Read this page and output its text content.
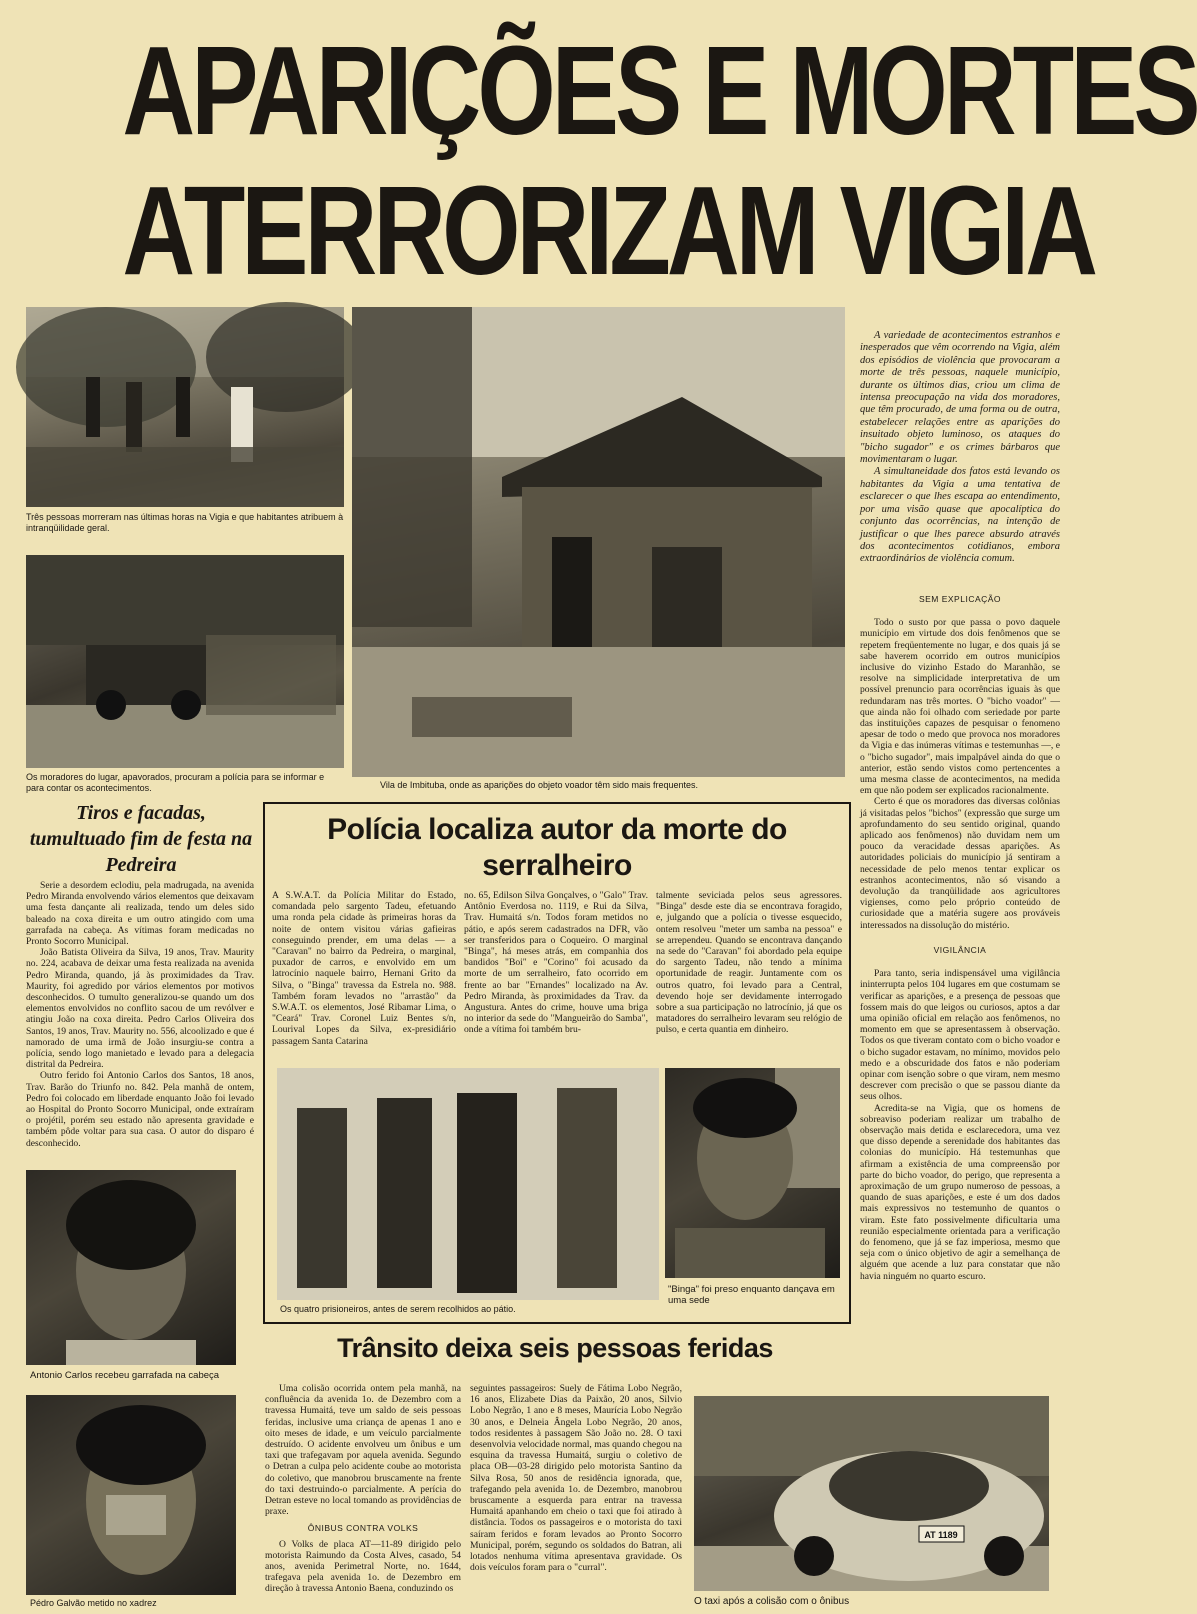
APARIÇÕES E MORTES
ATERRORIZAM VIGIA
Três pessoas morreram nas últimas horas na Vigia e que habitantes atribuem à intranqüilidade geral.
Os moradores do lugar, apavorados, procuram a polícia para se informar e para contar os acontecimentos.	Vila de Imbituba, onde as aparições do objeto voador têm sido mais frequentes.

A variedade de acontecimentos estranhos e inesperados que vêm ocorrendo na Vigia, além dos episódios de violência que provocaram a morte de três pessoas, naquele município, durante os últimos dias, criou um clima de intensa preocupação na vida dos moradores, que têm procurado, de uma forma ou de outra, estabelecer relações entre as aparições do insuitado objeto luminoso, os ataques do "bicho sugador" e os crimes bárbaros que movimentaram o lugar.

A simultaneidade dos fatos está levando os habitantes da Vigia a uma tentativa de esclarecer o que lhes escapa ao entendimento, por uma visão quase que apocalíptica do conjunto das ocorrências, na intenção de justificar o que lhes parece absurdo através dos acontecimentos cotidianos, embora extraordinários de violência comum.

SEM EXPLICAÇÃO

Todo o susto por que passa o povo daquele município em virtude dos dois fenômenos que se repetem freqüentemente no lugar, e dos quais já se sabe haverem ocorrido em outros municípios inclusive do vizinho Estado do Maranhão, se resolve na simplicidade interpretativa de um possível prenuncio para ocorrências iguais às que redundaram nas três mortes. O "bicho voador" — que ainda não foi olhado com seriedade por parte das instituições capazes de pesquisar o fenomeno apesar de todo o medo que provoca nos moradores da Vigia e das inúmeras vítimas e testemunhas —, e o "bicho sugador", mais impalpável ainda do que o anterior, estão sendo vistos como pertencentes a uma mesma classe de acontecimentos, na medida em que não podem ser explicados racionalmente.

Certo é que os moradores das diversas colônias já visitadas pelos "bichos" (expressão que surge um aprofundamento do seu sentido original, quando aplicado aos fenômenos) não duvidam nem um pouco da veracidade dessas aparições. As autoridades policiais do município já sentiram a necessidade de pelo menos tentar explicar os estranhos acontecimentos, não só visando a devolução da tranqüilidade aos agricultores vigienses, como pelo próprio conteúdo de curiosidade que a matéria sugere aos prováveis interessados na dissolução do mistério.

VIGILÂNCIA

Para tanto, seria indispensável uma vigilância ininterrupta pelos 104 lugares em que costumam se verificar as aparições, e a presença de pessoas que fossem mais do que leigos ou curiosos, aptos a dar uma opinião oficial em relação aos fenômenos, no momento em que se apresentassem à observação. Todos os que tiveram contato com o bicho voador e o bicho sugador estavam, no mínimo, movidos pelo medo e a obscuridade dos fatos e não poderiam opinar com isenção sobre o que viram, nem mesmo descrever com precisão o que se passou diante da seus olhos.

Acredita-se na Vigia, que os homens de sobreaviso poderiam realizar um trabalho de observação mais detida e esclarecedora, uma vez que disso depende a serenidade dos habitantes das colonias do município. Há testemunhas que afirmam a existência de uma compreensão por parte do bicho voador, do perigo, que representa a aproximação de um grupo numeroso de pessoas, a quando de suas aparições, e este é um dos dados mais expressivos no testemunho de quantos o viram. Este fato possivelmente dificultaria uma reunião especialmente orientada para a verificação do fenomeno, que já se faz imperiosa, mesmo que seja com o único objetivo de agir a semelhança de alguém que acende a luz para constatar que não havia ninguém no quarto escuro.

Tiros e facadas, tumultuado fim de festa na Pedreira

Serie a desordem eclodiu, pela madrugada, na avenida Pedro Miranda envolvendo vários elementos que deixavam uma festa dançante ali realizada, tendo um deles sido baleado na coxa direita e um outro atingido com uma garrafada na cabeça. As vítimas foram medicadas no Pronto Socorro Municipal.

João Batista Oliveira da Silva, 19 anos, Trav. Maurity no. 224, acabava de deixar uma festa realizada na avenida Pedro Miranda, quando, já às proximidades da Trav. Maurity, foi agredido por vários elementos por motivos desconhecidos. O tumulto generalizou-se quando um dos elementos envolvidos no conflito sacou de um revólver e atingiu João na coxa direita. Pedro Carlos Oliveira dos Santos, 19 anos, Trav. Maurity no. 556, alcoolizado e que é namorado de uma irmã de João insurgiu-se contra a polícia, sendo logo manietado e levado para a delegacia distrital da Pedreira.

Outro ferido foi Antonio Carlos dos Santos, 18 anos, Trav. Barão do Triunfo no. 842. Pela manhã de ontem, Pedro foi colocado em liberdade enquanto João foi levado ao Hospital do Pronto Socorro Municipal, onde extraíram o projétil, porém seu estado não apresenta gravidade e também pôde voltar para sua casa. O autor do disparo é desconhecido.

Antonio Carlos recebeu garrafada na cabeça
Pédro Galvão metido no xadrez
Polícia localiza autor da morte do serralheiro
A S.W.A.T. da Polícia Militar do Estado, comandada pelo sargento Tadeu, efetuando uma ronda pela cidade às primeiras horas da noite de ontem visitou várias gafieiras conseguindo prender, em uma delas — a "Caravan" no bairro da Pedreira, o marginal, puxador de carros, e envolvido em um latrocínio naquele bairro, Hernani Grito da Silva, o "Binga" travessa da Estrela no. 988. Também foram levados no "arrastão" da S.W.A.T. os elementos, José Ribamar Lima, o "Ceará" Trav. Coronel Luiz Bentes s/n, Lourival Lopes da Silva, ex-presidiário passagem Santa Catarina
no. 65, Edilson Silva Gonçalves, o "Galo" Trav. Antônio Everdosa no. 1119, e Rui da Silva, Trav. Humaitá s/n. Todos foram metidos no pátio, e após serem cadastrados na DFR, vão ser transferidos para o Coqueiro. O marginal "Binga", há meses atrás, em companhia dos bandidos "Boi" e "Corino" foi acusado da morte de um serralheiro, fato ocorrido em frente ao bar "Ernandes" localizado na Av. Pedro Miranda, às proximidades da Trav. da Angustura. Antes do crime, houve uma briga no interior da sede do "Mangueirão do Samba", onde a vítima foi também bru-
talmente seviciada pelos seus agressores. "Binga" desde este dia se encontrava foragido, e, julgando que a polícia o tivesse esquecido, ontem resolveu "meter um samba na pessoa" e se arrependeu. Quando se encontrava dançando na sede do "Caravan" foi abordado pela equipe do sargento Tadeu, não tendo a mínima oportunidade de reagir. Juntamente com os outros quatro, foi levado para a Central, devendo hoje ser devidamente interrogado sobre a sua participação no latrocínio, já que os matadores do serralheiro levaram seu relógio de pulso, e certa quantia em dinheiro.
Os quatro prisioneiros, antes de serem recolhidos ao pátio.
"Binga" foi preso enquanto dançava em uma sede
Trânsito deixa seis pessoas feridas

Uma colisão ocorrida ontem pela manhã, na confluência da avenida 1o. de Dezembro com a travessa Humaitá, teve um saldo de seis pessoas feridas, inclusive uma criança de apenas 1 ano e oito meses de idade, e um veículo parcialmente destruído. O acidente envolveu um ônibus e um taxi que trafegavam por aquela avenida. Segundo o Detran a culpa pelo acidente coube ao motorista do coletivo, que manobrou bruscamente na frente do taxi destruindo-o parcialmente. A perícia do Detran esteve no local tomando as providências de praxe.

ÔNIBUS CONTRA VOLKS

O Volks de placa AT—11-89 dirigido pelo motorista Raimundo da Costa Alves, casado, 54 anos, avenida Perimetral Norte, no. 1644, trafegava pela avenida 1o. de Dezembro em direção à travessa Antonio Baena, conduzindo os

seguintes passageiros: Suely de Fátima Lobo Negrão, 16 anos, Elizabete Dias da Paixão, 20 anos, Silvio Lobo Negrão, 1 ano e 8 meses, Maurícia Lobo Negrão 30 anos, e Delneia Ângela Lobo Negrão, 20 anos, todos residentes à passagem São João no. 28. O taxi desenvolvia velocidade normal, mas quando chegou na esquina da travessa Humaitá, surgiu o coletivo de placa OB—03-28 dirigido pelo motorista Santino da Silva Rosa, 50 anos de residência ignorada, que, trafegando pela avenida 1o. de Dezembro, manobrou bruscamente a esquerda para entrar na travessa Humaitá apanhando em cheio o taxi que foi atirado à distância. Todos os passageiros e o motorista do taxi saíram feridos e foram levados ao Pronto Socorro Municipal, porém, segundo os soldados do Batran, ali lotados nenhuma vítima apresentava gravidade. Os dois veículos foram para o "curral".
AT 1189
O taxi após a colisão com o ônibus
